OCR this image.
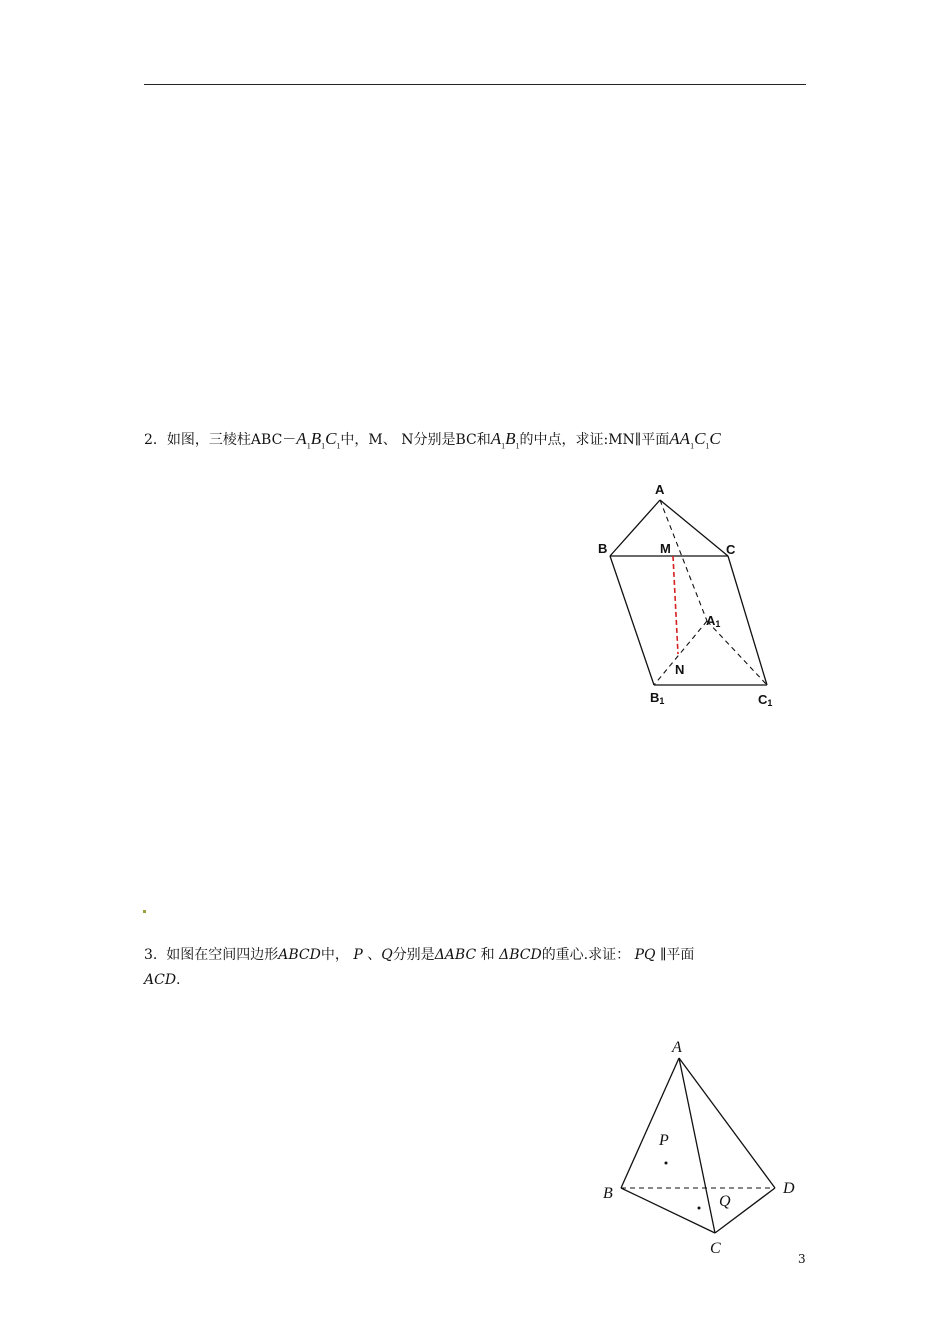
2．如图，三棱柱$ABC-A_1B_1C_1$中，M、 N分别是BC和$A_1B_1$的中点，求证:MN∥平面$AA_1C_1C$
A
B	C
M
N
A1
B1	C1
3. 如图在空间四边形ABCD中， P 、Q分别是ΔABC 和 ΔBCD的重心.求证： PQ ∥平面
ACD.
A
B
C
D
P
Q
3
